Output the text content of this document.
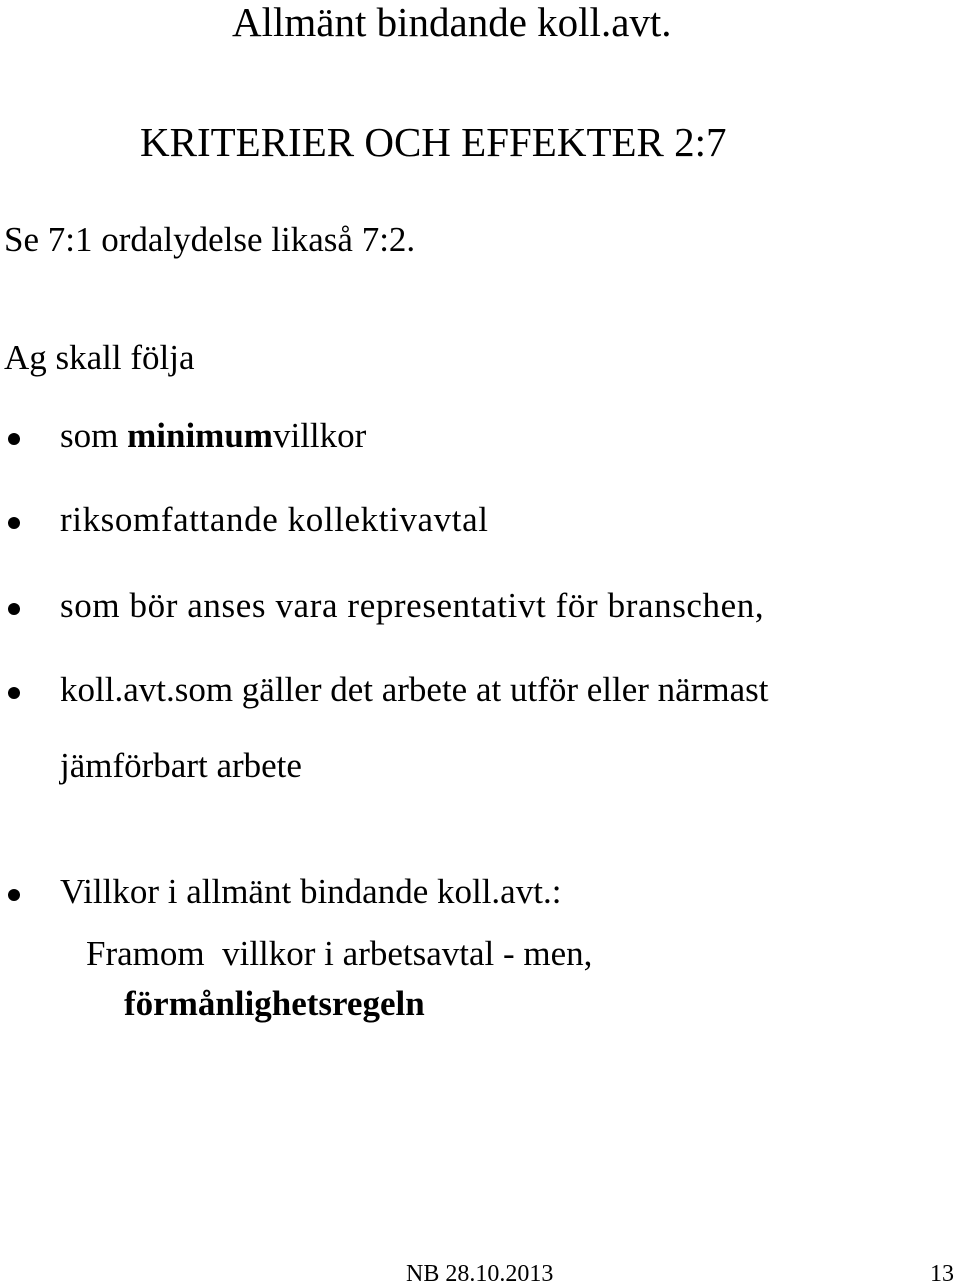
Allmänt bindande koll.avt.
KRITERIER OCH EFFEKTER 2:7
Se 7:1 ordalydelse likaså 7:2.
Ag skall följa
som minimumvillkor
riksomfattande kollektivavtal
som bör anses vara representativt för branschen,
koll.avt.som gäller det arbete at utför eller närmast
jämförbart arbete
Villkor i allmänt bindande koll.avt.:
Framom  villkor i arbetsavtal - men,
förmånlighetsregeln
NB 28.10.2013	13
